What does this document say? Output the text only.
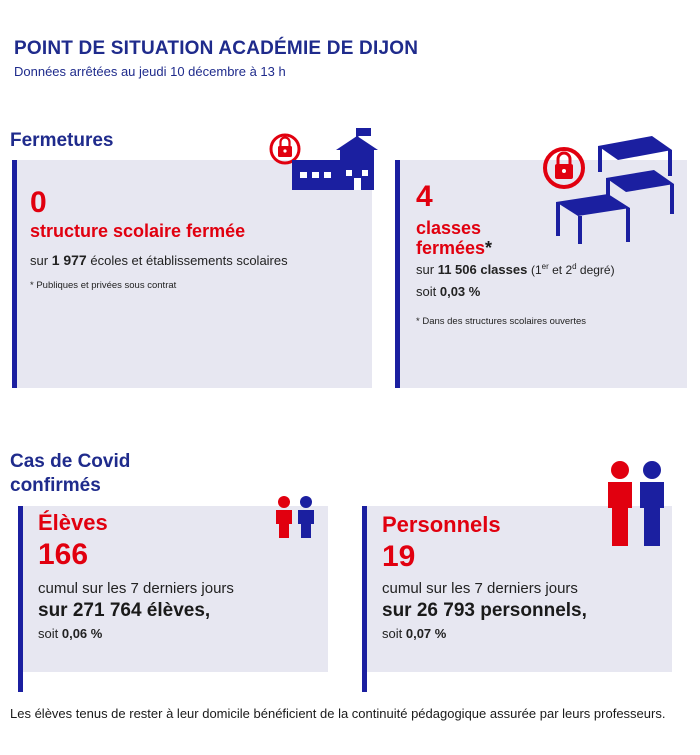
POINT DE SITUATION ACADÉMIE DE DIJON
Données arrêtées au jeudi 10 décembre à 13 h
Fermetures
0
structure scolaire fermée
sur 1 977 écoles et établissements scolaires
* Publiques et privées sous contrat
4
classes
fermées*
sur 11 506 classes (1er et 2$^d$ degré)
soit 0,03 %
* Dans des structures scolaires ouvertes
Cas de Covid
confirmés
Élèves
166
cumul sur les 7 derniers jours
sur 271 764 élèves,
soit 0,06 %
Personnels
19
cumul sur les 7 derniers jours
sur 26 793 personnels,
soit 0,07 %
Les élèves tenus de rester à leur domicile bénéficient de la continuité pédagogique assurée par leurs professeurs.
